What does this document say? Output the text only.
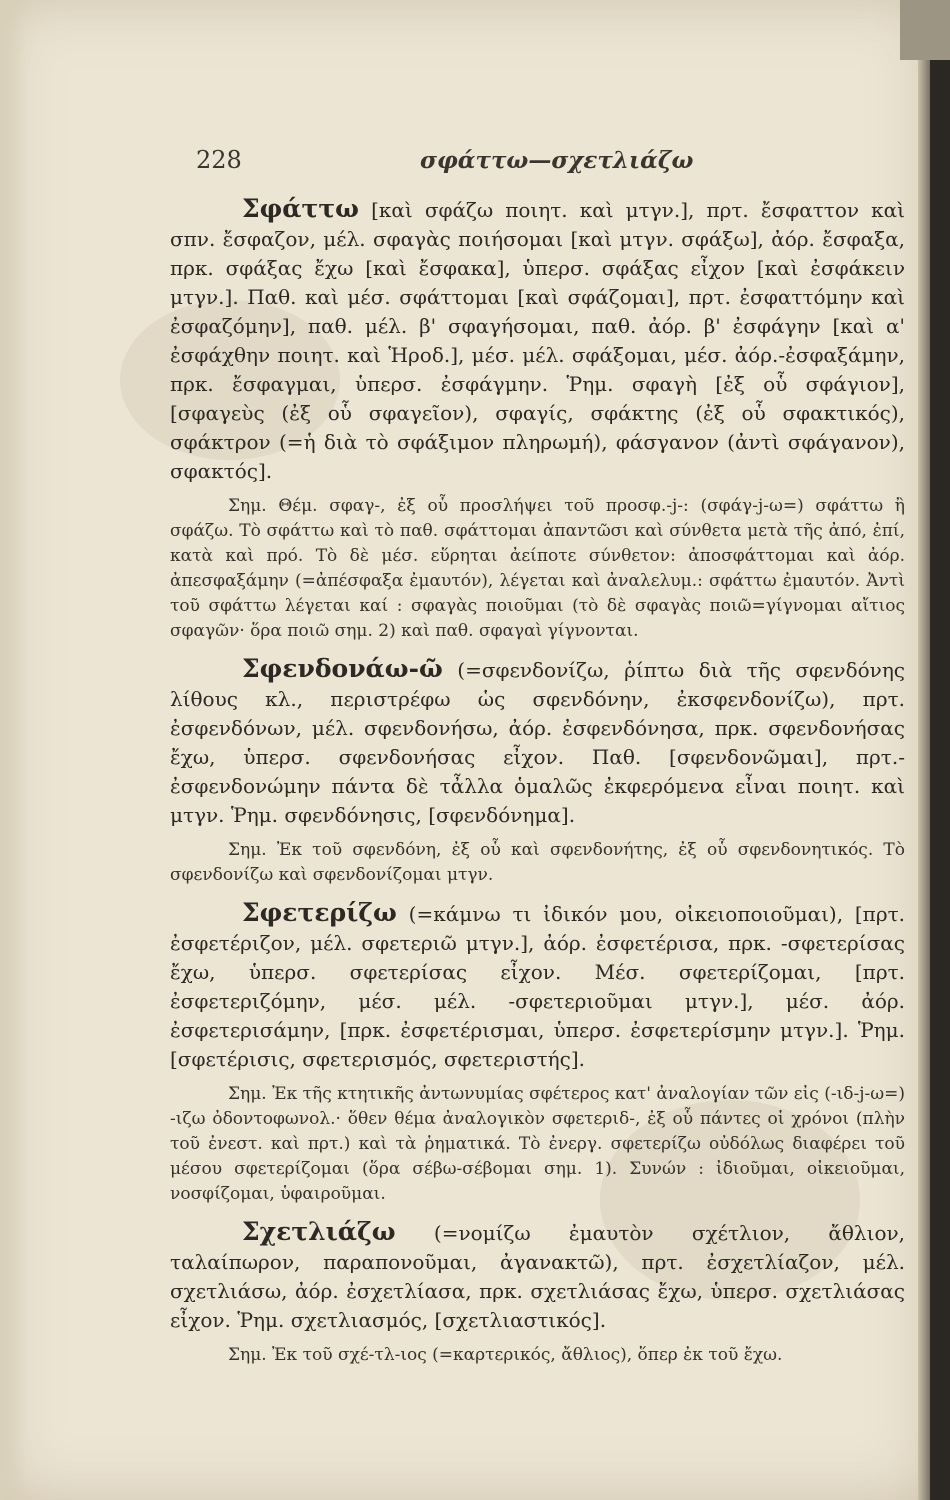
228	σφάττω—σχετλιάζω
Σφάττω [καὶ σφάζω ποιητ. καὶ μτγν.], πρτ. ἔσφαττον καὶ σπν. ἔσφαζον, μέλ. σφαγὰς ποιήσομαι [καὶ μτγν. σφάξω], ἀόρ. ἔσφαξα, πρκ. σφάξας ἔχω [καὶ ἔσφακα], ὑπερσ. σφάξας εἶχον [καὶ ἐσφάκειν μτγν.]. Παθ. καὶ μέσ. σφάττομαι [καὶ σφάζομαι], πρτ. ἐσφαττόμην καὶ ἐσφαζόμην], παθ. μέλ. β' σφαγήσομαι, παθ. ἀόρ. β' ἐσφάγην [καὶ α' ἐσφάχθην ποιητ. καὶ Ἡροδ.], μέσ. μέλ. σφάξομαι, μέσ. ἀόρ.-ἐσφαξάμην, πρκ. ἔσφαγμαι, ὑπερσ. ἐσφάγμην. Ῥημ. σφαγὴ [ἐξ οὗ σφάγιον], [σφαγεὺς (ἐξ οὗ σφαγεῖον), σφαγίς, σφάκτης (ἐξ οὗ σφακτικός), σφάκτρον (=ἡ διὰ τὸ σφάξιμον πληρωμή), φάσγανον (ἀντὶ σφάγανον), σφακτός].
Σημ. Θέμ. σφαγ-, ἐξ οὗ προσλήψει τοῦ προσφ.-j-: (σφάγ-j-ω=) σφάττω ἢ σφάζω. Τὸ σφάττω καὶ τὸ παθ. σφάττομαι ἀπαντῶσι καὶ σύνθετα μετὰ τῆς ἀπό, ἐπί, κατὰ καὶ πρό. Τὸ δὲ μέσ. εὕρηται ἀείποτε σύνθετον: ἀποσφάττομαι καὶ ἀόρ. ἀπεσφαξάμην (=ἀπέσφαξα ἐμαυτόν), λέγεται καὶ ἀναλελυμ.: σφάττω ἐμαυτόν. Ἀντὶ τοῦ σφάττω λέγεται καί : σφαγὰς ποιοῦμαι (τὸ δὲ σφαγὰς ποιῶ=γίγνομαι αἴτιος σφαγῶν· ὅρα ποιῶ σημ. 2) καὶ παθ. σφαγαὶ γίγνονται.
Σφενδονάω-ῶ (=σφενδονίζω, ῥίπτω διὰ τῆς σφενδόνης λίθους κλ., περιστρέφω ὡς σφενδόνην, ἐκσφενδονίζω), πρτ. ἐσφενδόνων, μέλ. σφενδονήσω, ἀόρ. ἐσφενδόνησα, πρκ. σφενδονήσας ἔχω, ὑπερσ. σφενδονήσας εἶχον. Παθ. [σφενδονῶμαι], πρτ.-ἐσφενδονώμην πάντα δὲ τἆλλα ὁμαλῶς ἐκφερόμενα εἶναι ποιητ. καὶ μτγν. Ῥημ. σφενδόνησις, [σφενδόνημα].
Σημ. Ἐκ τοῦ σφενδόνη, ἐξ οὗ καὶ σφενδονήτης, ἐξ οὗ σφενδονητικός. Τὸ σφενδονίζω καὶ σφενδονίζομαι μτγν.
Σφετερίζω (=κάμνω τι ἰδικόν μου, οἰκειοποιοῦμαι), [πρτ. ἐσφετέριζον, μέλ. σφετεριῶ μτγν.], ἀόρ. ἐσφετέρισα, πρκ. -σφετερίσας ἔχω, ὑπερσ. σφετερίσας εἶχον. Μέσ. σφετερίζομαι, [πρτ. ἐσφετεριζόμην, μέσ. μέλ. -σφετεριοῦμαι μτγν.], μέσ. ἀόρ. ἐσφετερισάμην, [πρκ. ἐσφετέρισμαι, ὑπερσ. ἐσφετερίσμην μτγν.]. Ῥημ. [σφετέρισις, σφετερισμός, σφετεριστής].
Σημ. Ἐκ τῆς κτητικῆς ἀντωνυμίας σφέτερος κατ' ἀναλογίαν τῶν εἰς (-ιδ-j-ω=) -ιζω ὀδοντοφωνολ.· ὅθεν θέμα ἀναλογικὸν σφετεριδ-, ἐξ οὗ πάντες οἱ χρόνοι (πλὴν τοῦ ἐνεστ. καὶ πρτ.) καὶ τὰ ῥηματικά. Τὸ ἐνεργ. σφετερίζω οὐδόλως διαφέρει τοῦ μέσου σφετερίζομαι (ὅρα σέβω-σέβομαι σημ. 1). Συνών : ἰδιοῦμαι, οἰκειοῦμαι, νοσφίζομαι, ὑφαιροῦμαι.
Σχετλιάζω (=νομίζω ἐμαυτὸν σχέτλιον, ἄθλιον, ταλαίπωρον, παραπονοῦμαι, ἀγανακτῶ), πρτ. ἐσχετλίαζον, μέλ. σχετλιάσω, ἀόρ. ἐσχετλίασα, πρκ. σχετλιάσας ἔχω, ὑπερσ. σχετλιάσας εἶχον. Ῥημ. σχετλιασμός, [σχετλιαστικός].
Σημ. Ἐκ τοῦ σχέ-τλ-ιος (=καρτερικός, ἄθλιος), ὅπερ ἐκ τοῦ ἔχω.
